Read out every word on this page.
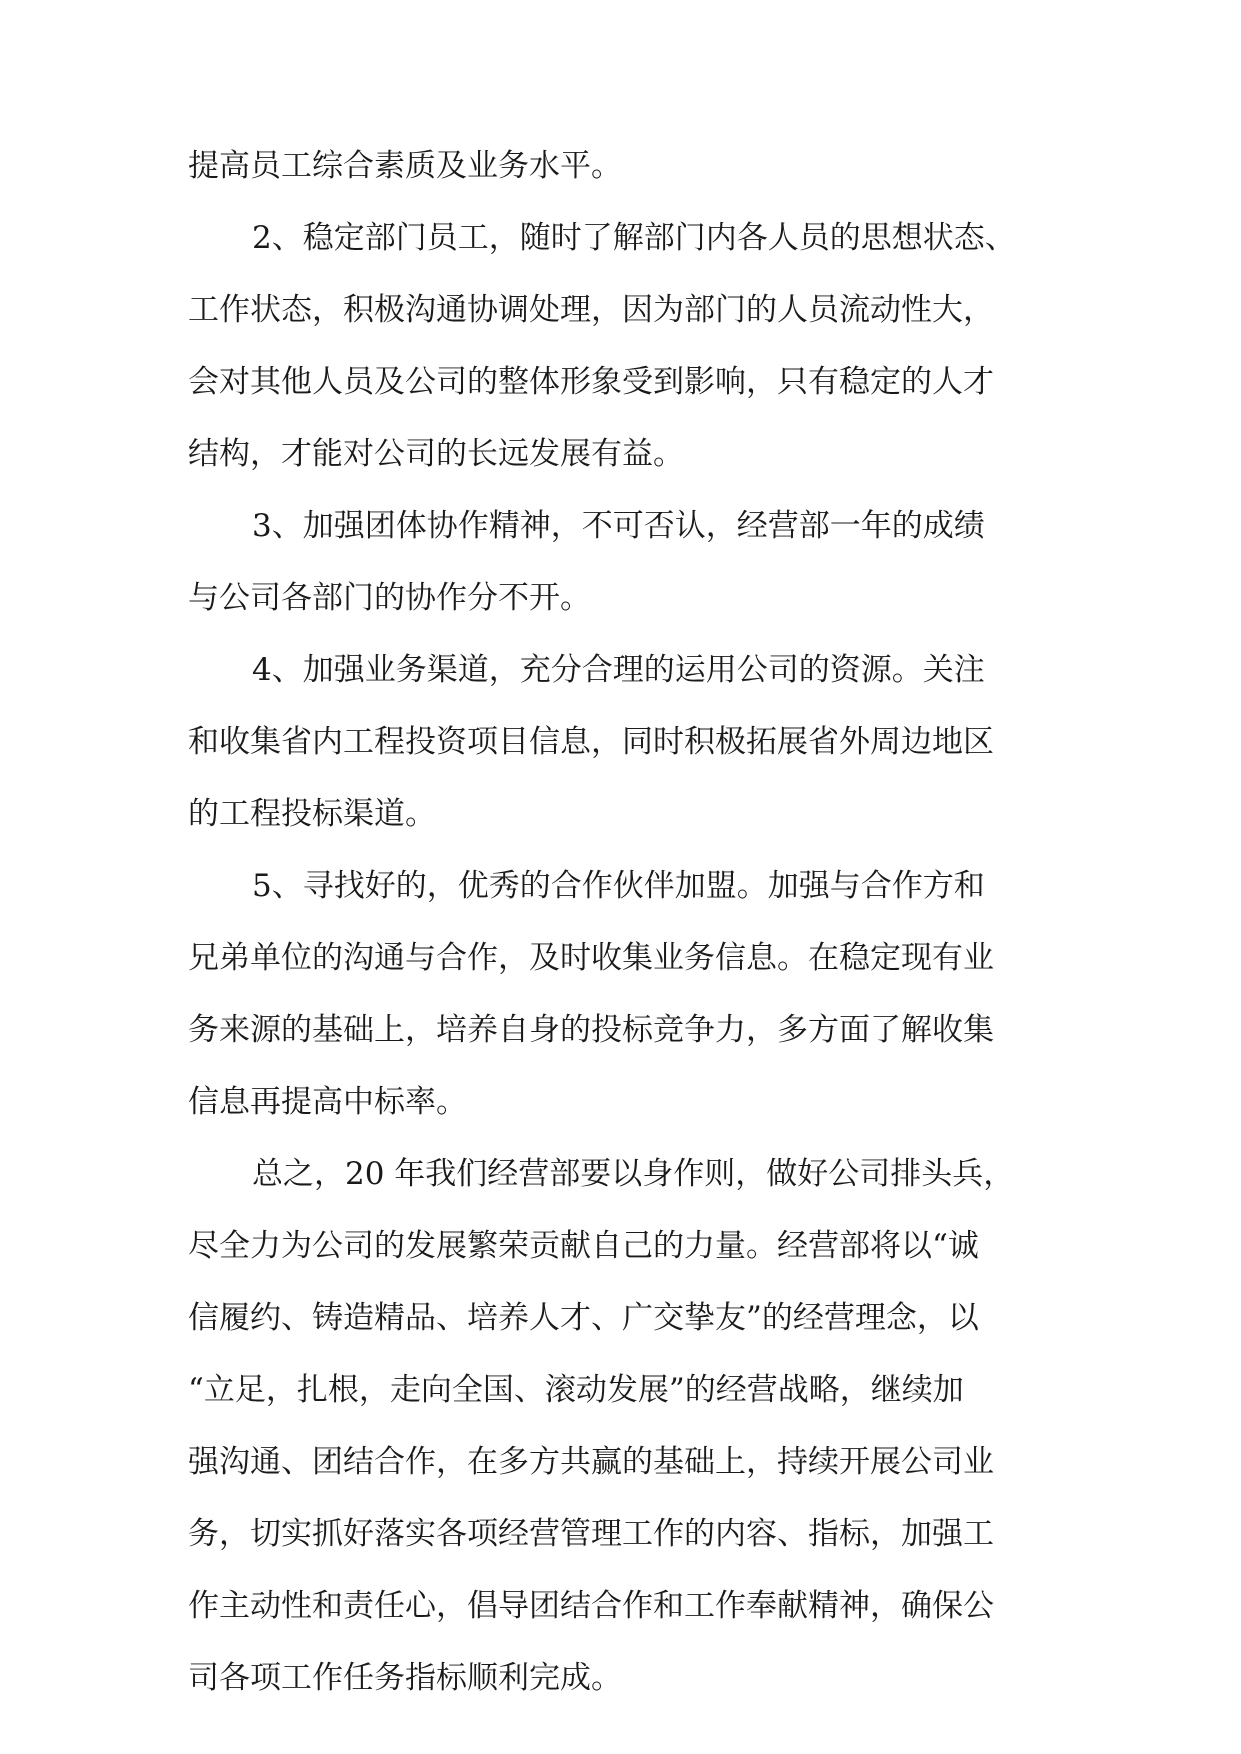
提高员工综合素质及业务水平。

2、稳定部门员工，随时了解部门内各人员的思想状态、

工作状态，积极沟通协调处理，因为部门的人员流动性大，

会对其他人员及公司的整体形象受到影响，只有稳定的人才

结构，才能对公司的长远发展有益。

3、加强团体协作精神，不可否认，经营部一年的成绩

与公司各部门的协作分不开。

4、加强业务渠道，充分合理的运用公司的资源。关注

和收集省内工程投资项目信息，同时积极拓展省外周边地区

的工程投标渠道。

5、寻找好的，优秀的合作伙伴加盟。加强与合作方和

兄弟单位的沟通与合作，及时收集业务信息。在稳定现有业

务来源的基础上，培养自身的投标竞争力，多方面了解收集

信息再提高中标率。

总之，20 年我们经营部要以身作则，做好公司排头兵，

尽全力为公司的发展繁荣贡献自己的力量。经营部将以“诚

信履约、铸造精品、培养人才、广交挚友”的经营理念，以

“立足，扎根，走向全国、滚动发展”的经营战略，继续加

强沟通、团结合作，在多方共赢的基础上，持续开展公司业

务，切实抓好落实各项经营管理工作的内容、指标，加强工

作主动性和责任心，倡导团结合作和工作奉献精神，确保公

司各项工作任务指标顺利完成。
